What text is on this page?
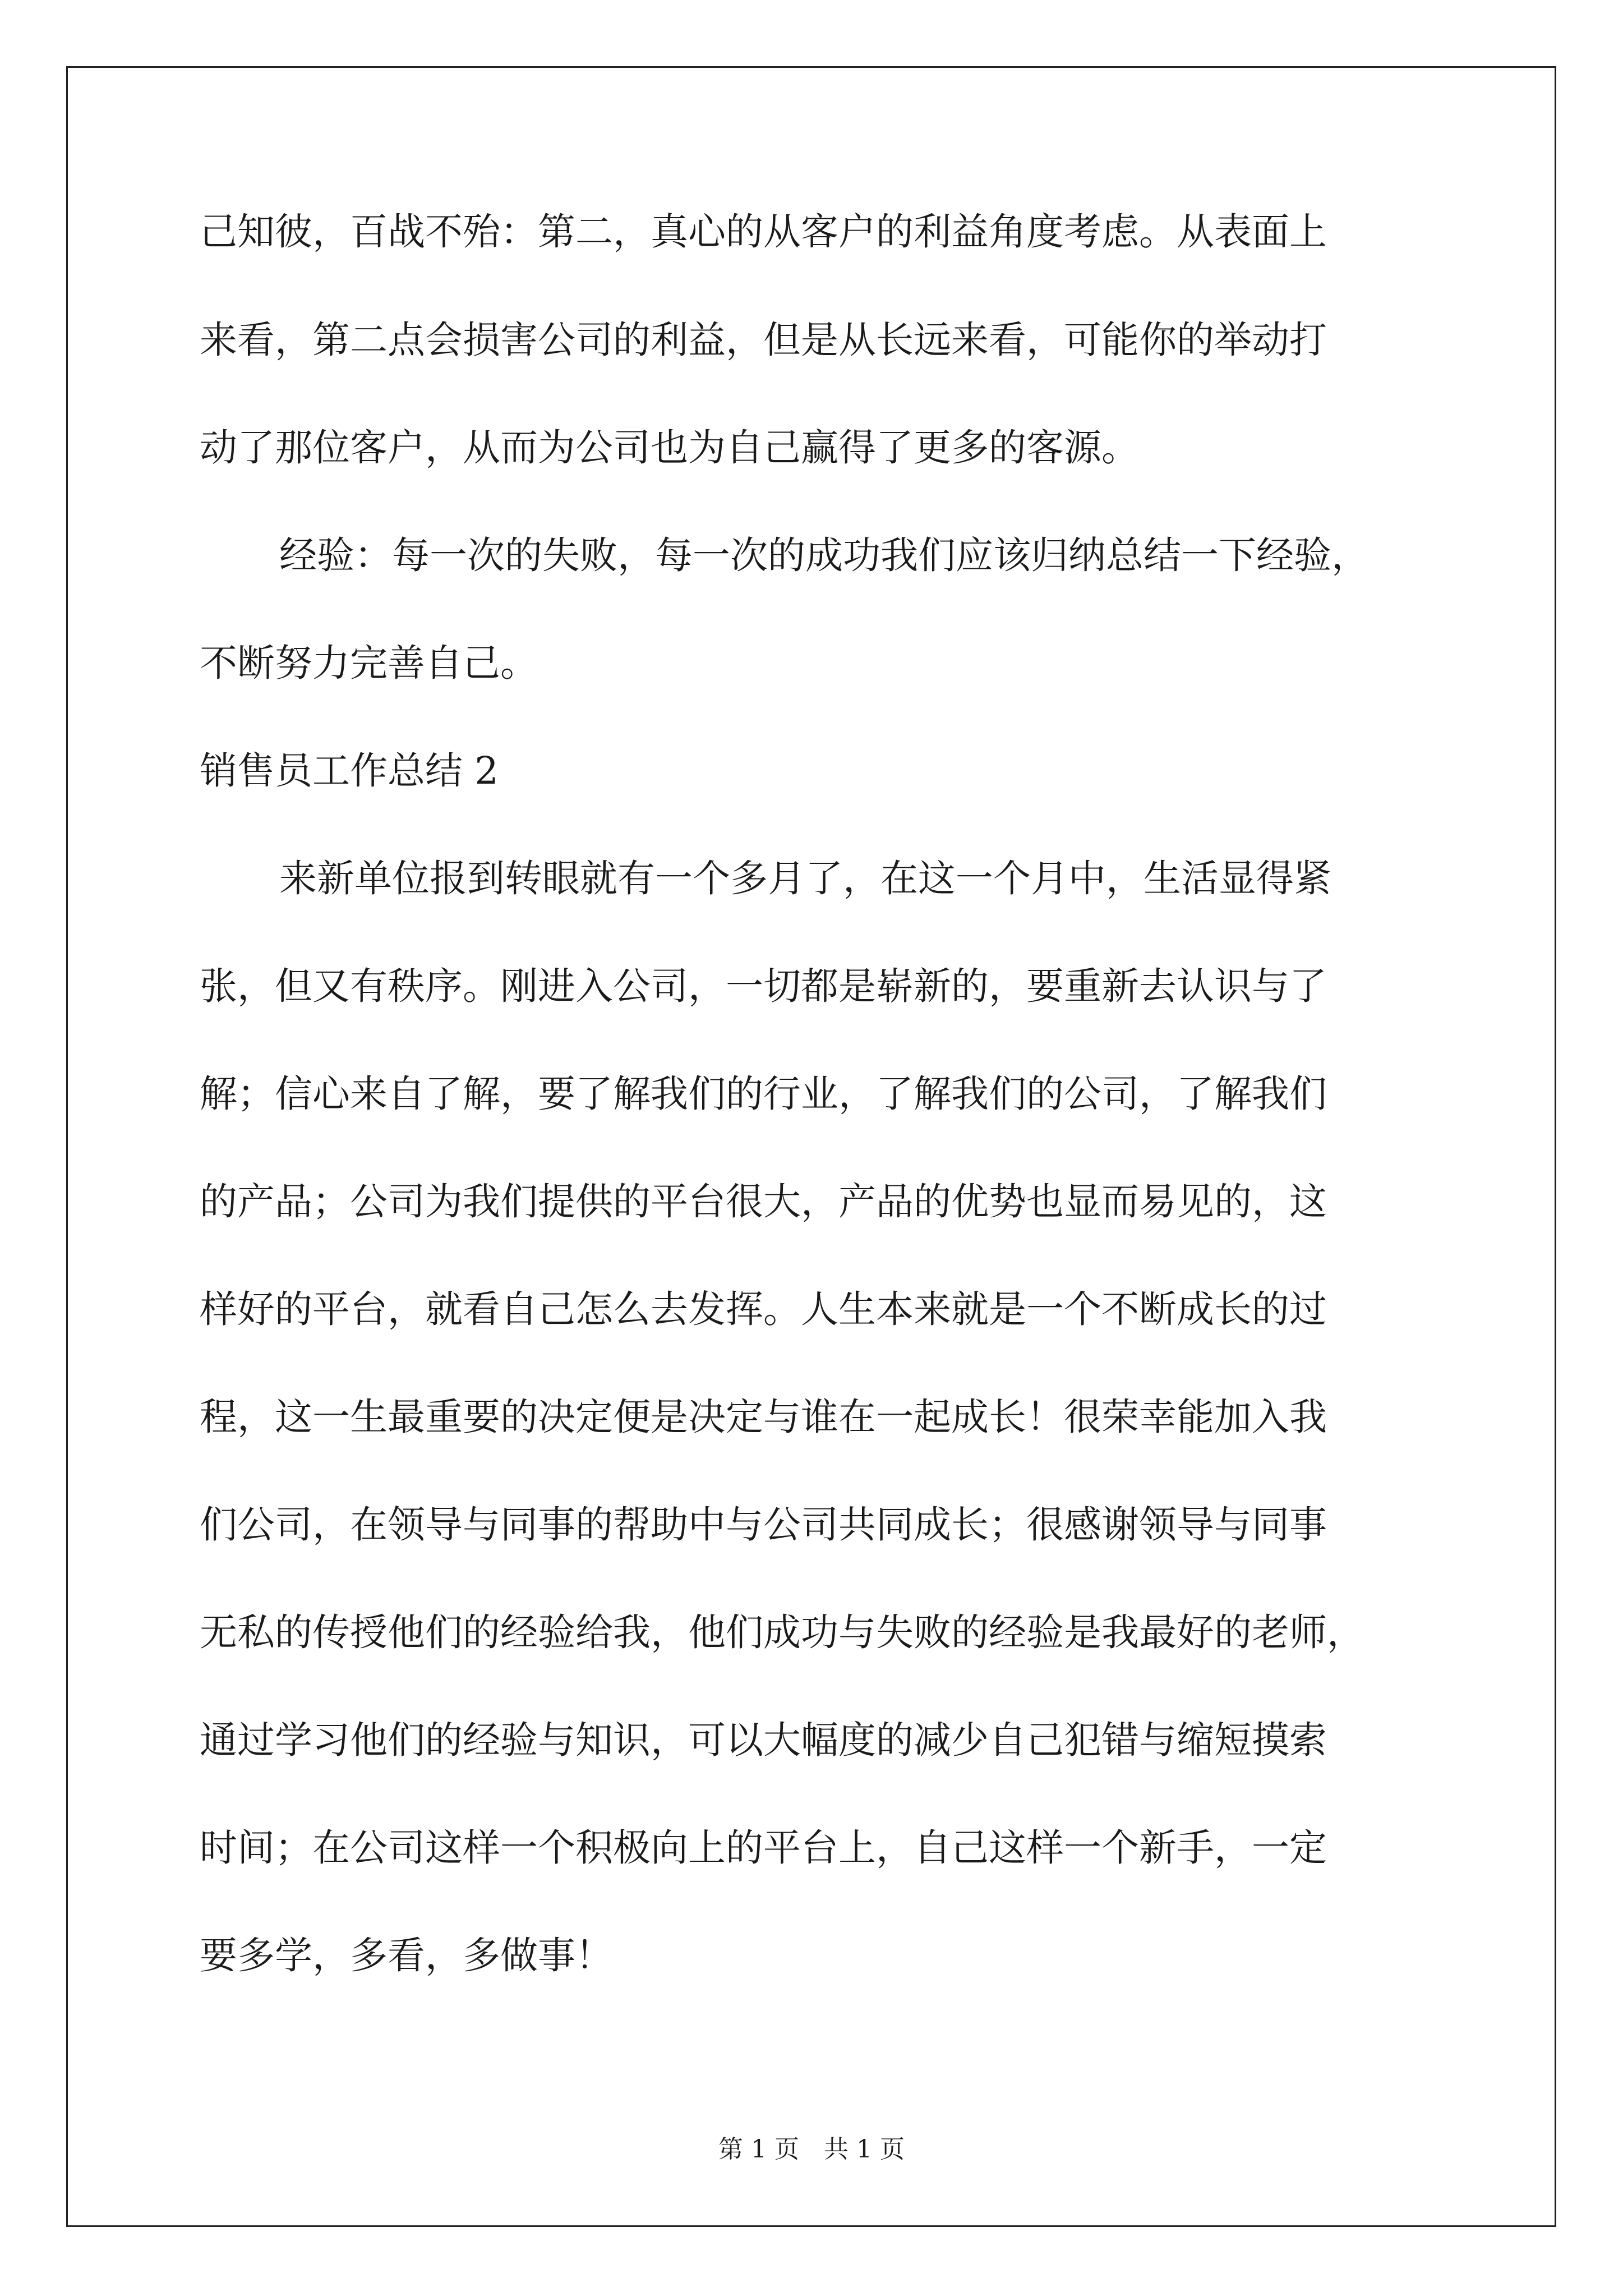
己知彼，百战不殆：第二，真心的从客户的利益角度考虑。从表面上
来看，第二点会损害公司的利益，但是从长远来看，可能你的举动打
动了那位客户，从而为公司也为自己赢得了更多的客源。
经验：每一次的失败，每一次的成功我们应该归纳总结一下经验，
不断努力完善自己。
销售员工作总结 2
来新单位报到转眼就有一个多月了，在这一个月中，生活显得紧
张，但又有秩序。刚进入公司，一切都是崭新的，要重新去认识与了
解；信心来自了解，要了解我们的行业，了解我们的公司，了解我们
的产品；公司为我们提供的平台很大，产品的优势也显而易见的，这
样好的平台，就看自己怎么去发挥。人生本来就是一个不断成长的过
程，这一生最重要的决定便是决定与谁在一起成长！很荣幸能加入我
们公司，在领导与同事的帮助中与公司共同成长；很感谢领导与同事
无私的传授他们的经验给我，他们成功与失败的经验是我最好的老师，
通过学习他们的经验与知识，可以大幅度的减少自己犯错与缩短摸索
时间；在公司这样一个积极向上的平台上，自己这样一个新手，一定
要多学，多看，多做事！
第 1 页　共 1 页
